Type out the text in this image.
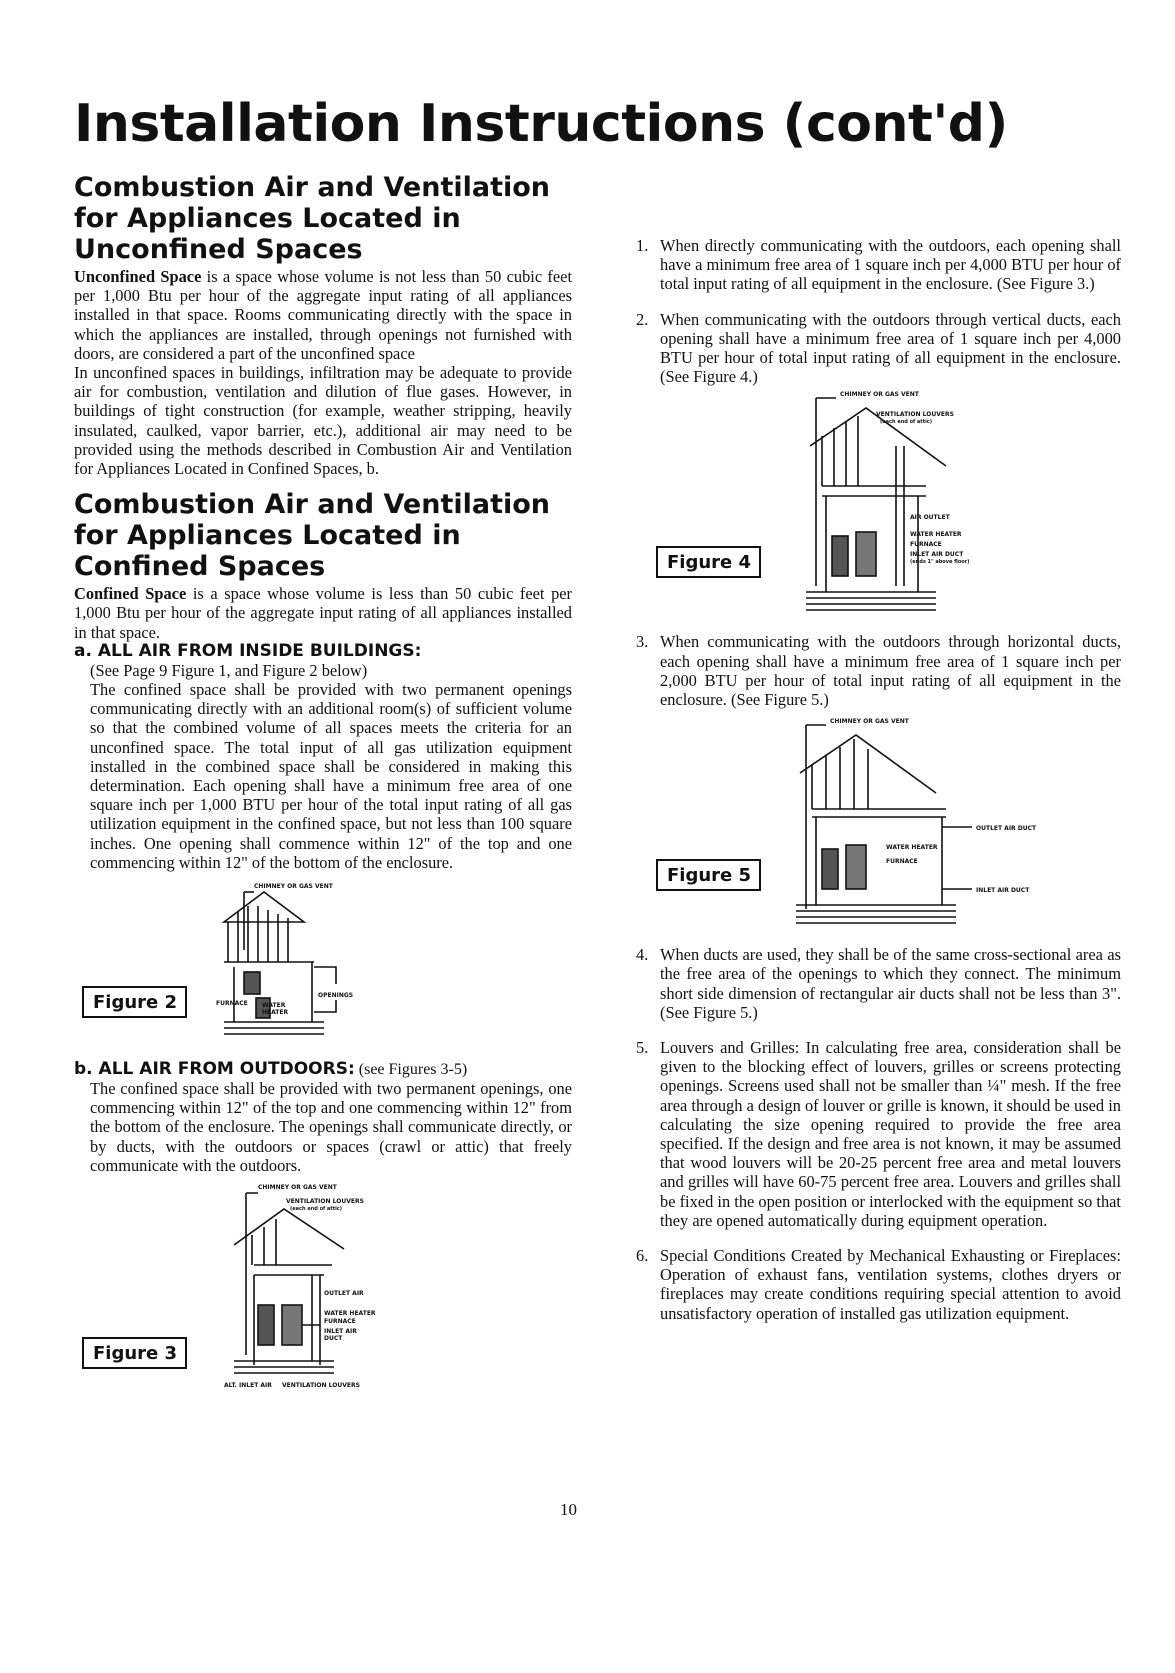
Installation Instructions (cont'd)
Combustion Air and Ventilation
for Appliances Located in
Unconfined Spaces

Unconfined Space is a space whose volume is not less than 50 cubic feet per 1,000 Btu per hour of the aggregate input rating of all appliances installed in that space. Rooms communicating directly with the space in which the appliances are installed, through openings not furnished with doors, are considered a part of the unconfined space

In unconfined spaces in buildings, infiltration may be adequate to provide air for combustion, ventilation and dilution of flue gases. However, in buildings of tight construction (for example, weather stripping, heavily insulated, caulked, vapor barrier, etc.), additional air may need to be provided using the methods described in Combustion Air and Ventilation for Appliances Located in Confined Spaces, b.

Combustion Air and Ventilation
for Appliances Located in
Confined Spaces

Confined Space is a space whose volume is less than 50 cubic feet per 1,000 Btu per hour of the aggregate input rating of all appliances installed in that space.

a. ALL AIR FROM INSIDE BUILDINGS:

(See Page 9 Figure 1, and Figure 2 below)

The confined space shall be provided with two permanent openings communicating directly with an additional room(s) of sufficient volume so that the combined volume of all spaces meets the criteria for an unconfined space. The total input of all gas utilization equipment installed in the combined space shall be considered in making this determination. Each opening shall have a minimum free area of one square inch per 1,000 BTU per hour of the total input rating of all gas utilization equipment in the confined space, but not less than 100 square inches. One opening shall commence within 12" of the top and one commencing within 12" of the bottom of the enclosure.

Figure 2
CHIMNEY OR GAS VENT
FURNACE WATER
HEATER
OPENINGS

b. ALL AIR FROM OUTDOORS: (see Figures 3-5)

The confined space shall be provided with two permanent openings, one commencing within 12" of the top and one commencing within 12" from the bottom of the enclosure. The openings shall communicate directly, or by ducts, with the outdoors or spaces (crawl or attic) that freely communicate with the outdoors.

Figure 3
CHIMNEY OR GAS VENT
VENTILATION LOUVERS
(each end of attic)
OUTLET AIR
WATER HEATER
FURNACE
INLET AIR
DUCT
ALT. INLET AIR VENTILATION LOUVERS
1. When directly communicating with the outdoors, each opening shall have a minimum free area of 1 square inch per 4,000 BTU per hour of total input rating of all equipment in the enclosure. (See Figure 3.)

2. When communicating with the outdoors through vertical ducts, each opening shall have a minimum free area of 1 square inch per 4,000 BTU per hour of total input rating of all equipment in the enclosure. (See Figure 4.)

Figure 4
CHIMNEY OR GAS VENT
VENTILATION LOUVERS
(each end of attic)
AIR OUTLET
WATER HEATER
FURNACE
INLET AIR DUCT
(ends 1" above floor)
3. When communicating with the outdoors through horizontal ducts, each opening shall have a minimum free area of 1 square inch per 2,000 BTU per hour of total input rating of all equipment in the enclosure. (See Figure 5.)

Figure 5
CHIMNEY OR GAS VENT
OUTLET AIR DUCT
WATER HEATER
FURNACE
INLET AIR DUCT
4. When ducts are used, they shall be of the same cross-sectional area as the free area of the openings to which they connect. The minimum short side dimension of rectangular air ducts shall not be less than 3". (See Figure 5.)

5. Louvers and Grilles: In calculating free area, consideration shall be given to the blocking effect of louvers, grilles or screens protecting openings. Screens used shall not be smaller than ¼" mesh. If the free area through a design of louver or grille is known, it should be used in calculating the size opening required to provide the free area specified. If the design and free area is not known, it may be assumed that wood louvers will be 20-25 percent free area and metal louvers and grilles will have 60-75 percent free area. Louvers and grilles shall be fixed in the open position or interlocked with the equipment so that they are opened automatically during equipment operation.

6. Special Conditions Created by Mechanical Exhausting or Fireplaces: Operation of exhaust fans, ventilation systems, clothes dryers or fireplaces may create conditions requiring special attention to avoid unsatisfactory operation of installed gas utilization equipment.

10
